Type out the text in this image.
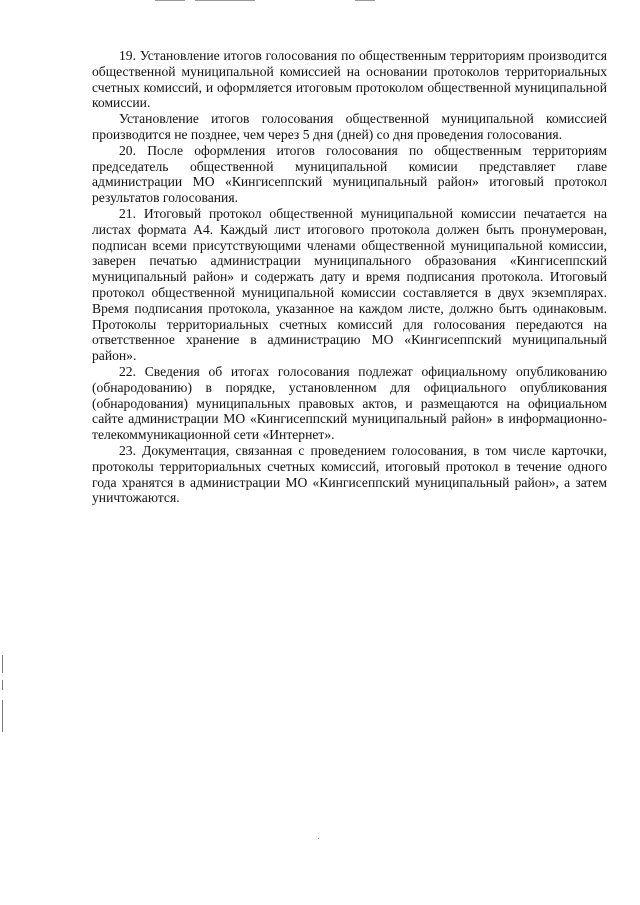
19. Установление итогов голосования по общественным территориям производится общественной муниципальной комиссией на основании протоколов территориальных счетных комиссий, и оформляется итоговым протоколом общественной муниципальной комиссии.

Установление итогов голосования общественной муниципальной комиссией производится не позднее, чем через 5 дня (дней) со дня проведения голосования.

20. После оформления итогов голосования по общественным территориям председатель общественной муниципальной комисии представляет главе администрации МО «Кингисеппский муниципальный район» итоговый протокол результатов голосования.

21. Итоговый протокол общественной муниципальной комиссии печатается на листах формата А4. Каждый лист итогового протокола должен быть пронумерован, подписан всеми присутствующими членами общественной муниципальной комиссии, заверен печатью администрации муниципального образования «Кингисеппский муниципальный район» и содержать дату и время подписания протокола. Итоговый протокол общественной муниципальной комиссии составляется в двух экземплярах. Время подписания протокола, указанное на каждом листе, должно быть одинаковым. Протоколы территориальных счетных комиссий для голосования передаются на ответственное хранение в администрацию МО «Кингисеппский муниципальный район».

22. Сведения об итогах голосования подлежат официальному опубликованию (обнародованию) в порядке, установленном для официального опубликования (обнародования) муниципальных правовых актов, и размещаются на официальном сайте администрации МО «Кингисеппский муниципальный район» в информационно-телекоммуникационной сети «Интернет».

23. Документация, связанная с проведением голосования, в том числе карточки, протоколы территориальных счетных комиссий, итоговый протокол в течение одного года хранятся в администрации МО «Кингисеппский муниципальный район», а затем уничтожаются.
